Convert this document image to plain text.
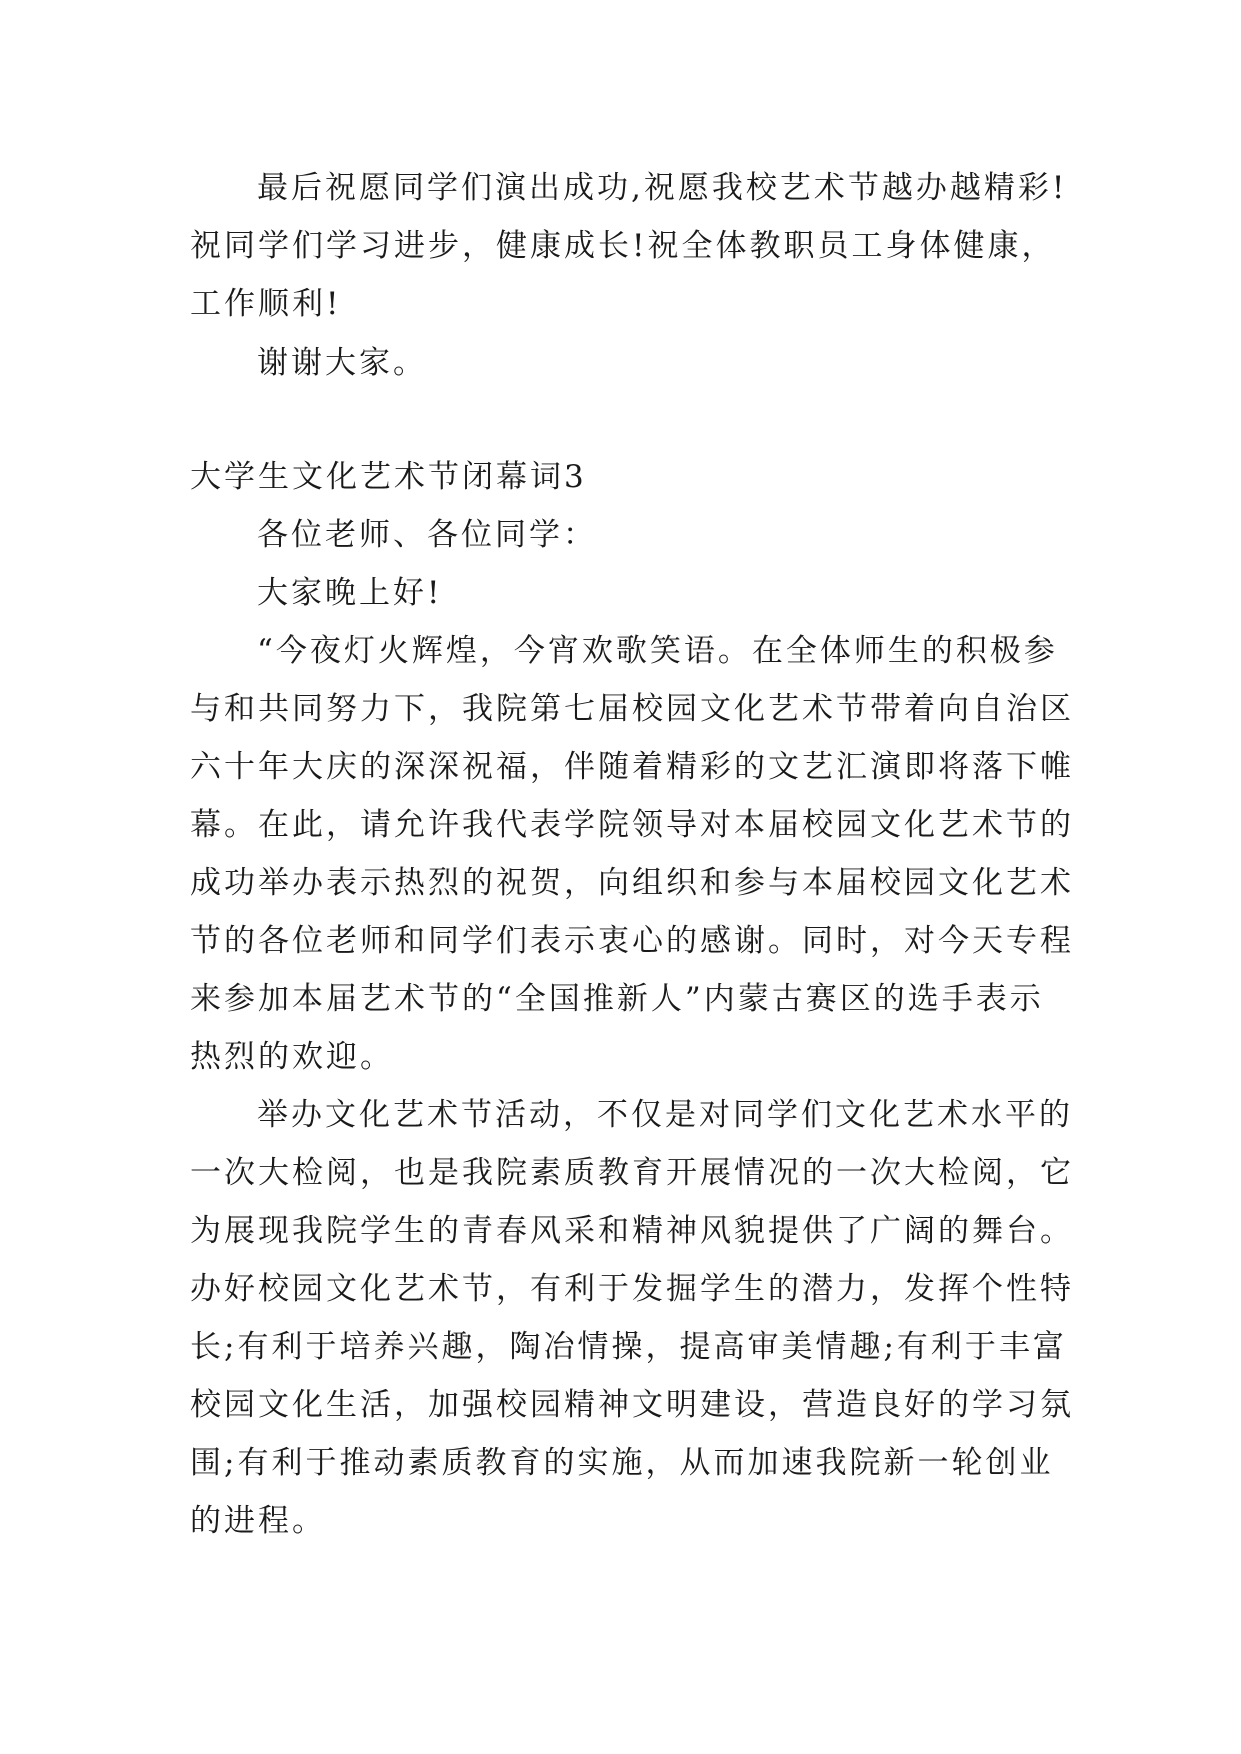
最后祝愿同学们演出成功,祝愿我校艺术节越办越精彩!
祝同学们学习进步，健康成长!祝全体教职员工身体健康，
工作顺利!
谢谢大家。
大学生文化艺术节闭幕词3
各位老师、各位同学：
大家晚上好!
“今夜灯火辉煌，今宵欢歌笑语。在全体师生的积极参
与和共同努力下，我院第七届校园文化艺术节带着向自治区
六十年大庆的深深祝福，伴随着精彩的文艺汇演即将落下帷
幕。在此，请允许我代表学院领导对本届校园文化艺术节的
成功举办表示热烈的祝贺，向组织和参与本届校园文化艺术
节的各位老师和同学们表示衷心的感谢。同时，对今天专程
来参加本届艺术节的“全国推新人”内蒙古赛区的选手表示
热烈的欢迎。
举办文化艺术节活动，不仅是对同学们文化艺术水平的
一次大检阅，也是我院素质教育开展情况的一次大检阅，它
为展现我院学生的青春风采和精神风貌提供了广阔的舞台。
办好校园文化艺术节，有利于发掘学生的潜力，发挥个性特
长;有利于培养兴趣，陶冶情操，提高审美情趣;有利于丰富
校园文化生活，加强校园精神文明建设，营造良好的学习氛
围;有利于推动素质教育的实施，从而加速我院新一轮创业
的进程。
